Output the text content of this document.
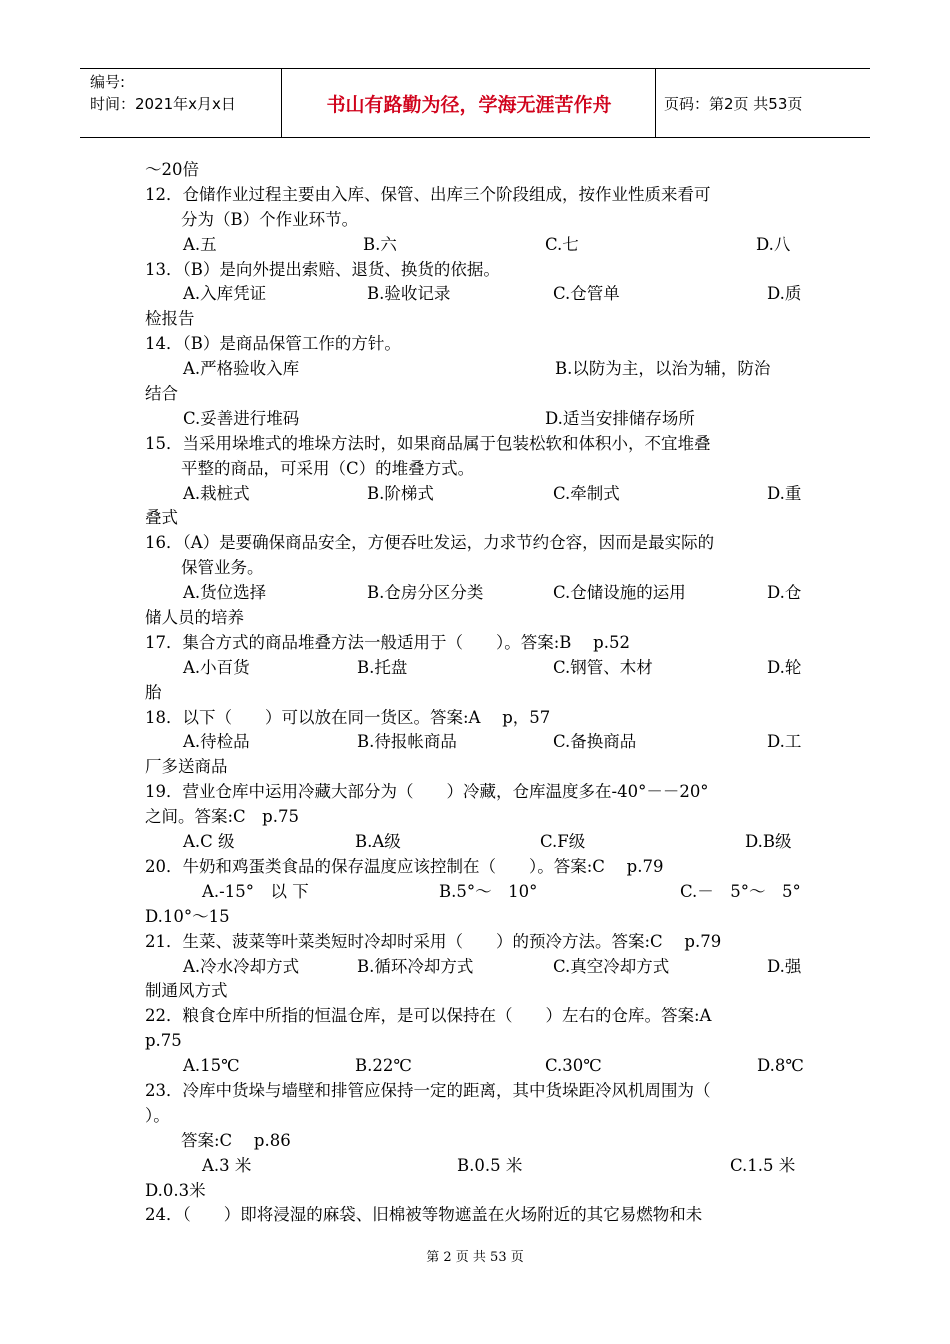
编号:
时间：2021年x月x日	书山有路勤为径，学海无涯苦作舟	页码：第2页 共53页
～20倍
12．仓储作业过程主要由入库、保管、出库三个阶段组成，按作业性质来看可
分为（B）个作业环节。
A.五	B.六	C.七	D.八
13．（B）是向外提出索赔、退货、换货的依据。
A.入库凭证	B.验收记录	C.仓管单	D.质
检报告
14．（B）是商品保管工作的方针。
A.严格验收入库	B.以防为主，以治为辅，防治
结合
C.妥善进行堆码	D.适当安排储存场所
15．当采用垛堆式的堆垛方法时，如果商品属于包装松软和体积小，不宜堆叠
平整的商品，可采用（C）的堆叠方式。
A.栽桩式	B.阶梯式	C.牵制式	D.重
叠式
16．（A）是要确保商品安全，方便吞吐发运，力求节约仓容，因而是最实际的
保管业务。
A.货位选择	B.仓房分区分类	C.仓储设施的运用	D.仓
储人员的培养
17．集合方式的商品堆叠方法一般适用于（　　）。答案:B　 p.52
A.小百货	B.托盘	C.钢管、木材	D.轮
胎
18．以下（　　）可以放在同一货区。答案:A　 p，57
A.待检品	B.待报帐商品	C.备换商品	D.工
厂多送商品
19．营业仓库中运用冷藏大部分为（　　）冷藏，仓库温度多在-40°－－20°
之间。答案:C　p.75
A.C 级	B.A级	C.F级	D.B级
20．牛奶和鸡蛋类食品的保存温度应该控制在（　　）。答案:C　 p.79
A.-15°　以 下	B.5°～　10°	C.－　5°～　5°
D.10°～15
21．生菜、菠菜等叶菜类短时冷却时采用（　　）的预冷方法。答案:C　 p.79
A.冷水冷却方式	B.循环冷却方式	C.真空冷却方式	D.强
制通风方式
22．粮食仓库中所指的恒温仓库，是可以保持在（　　）左右的仓库。答案:A
p.75
A.15℃	B.22℃	C.30℃	D.8℃
23．冷库中货垛与墙壁和排管应保持一定的距离，其中货垛距冷风机周围为（
）。
答案:C　 p.86
A.3 米	B.0.5 米	C.1.5 米
D.0.3米
24．（　　）即将浸湿的麻袋、旧棉被等物遮盖在火场附近的其它易燃物和未
第 2 页 共 53 页
